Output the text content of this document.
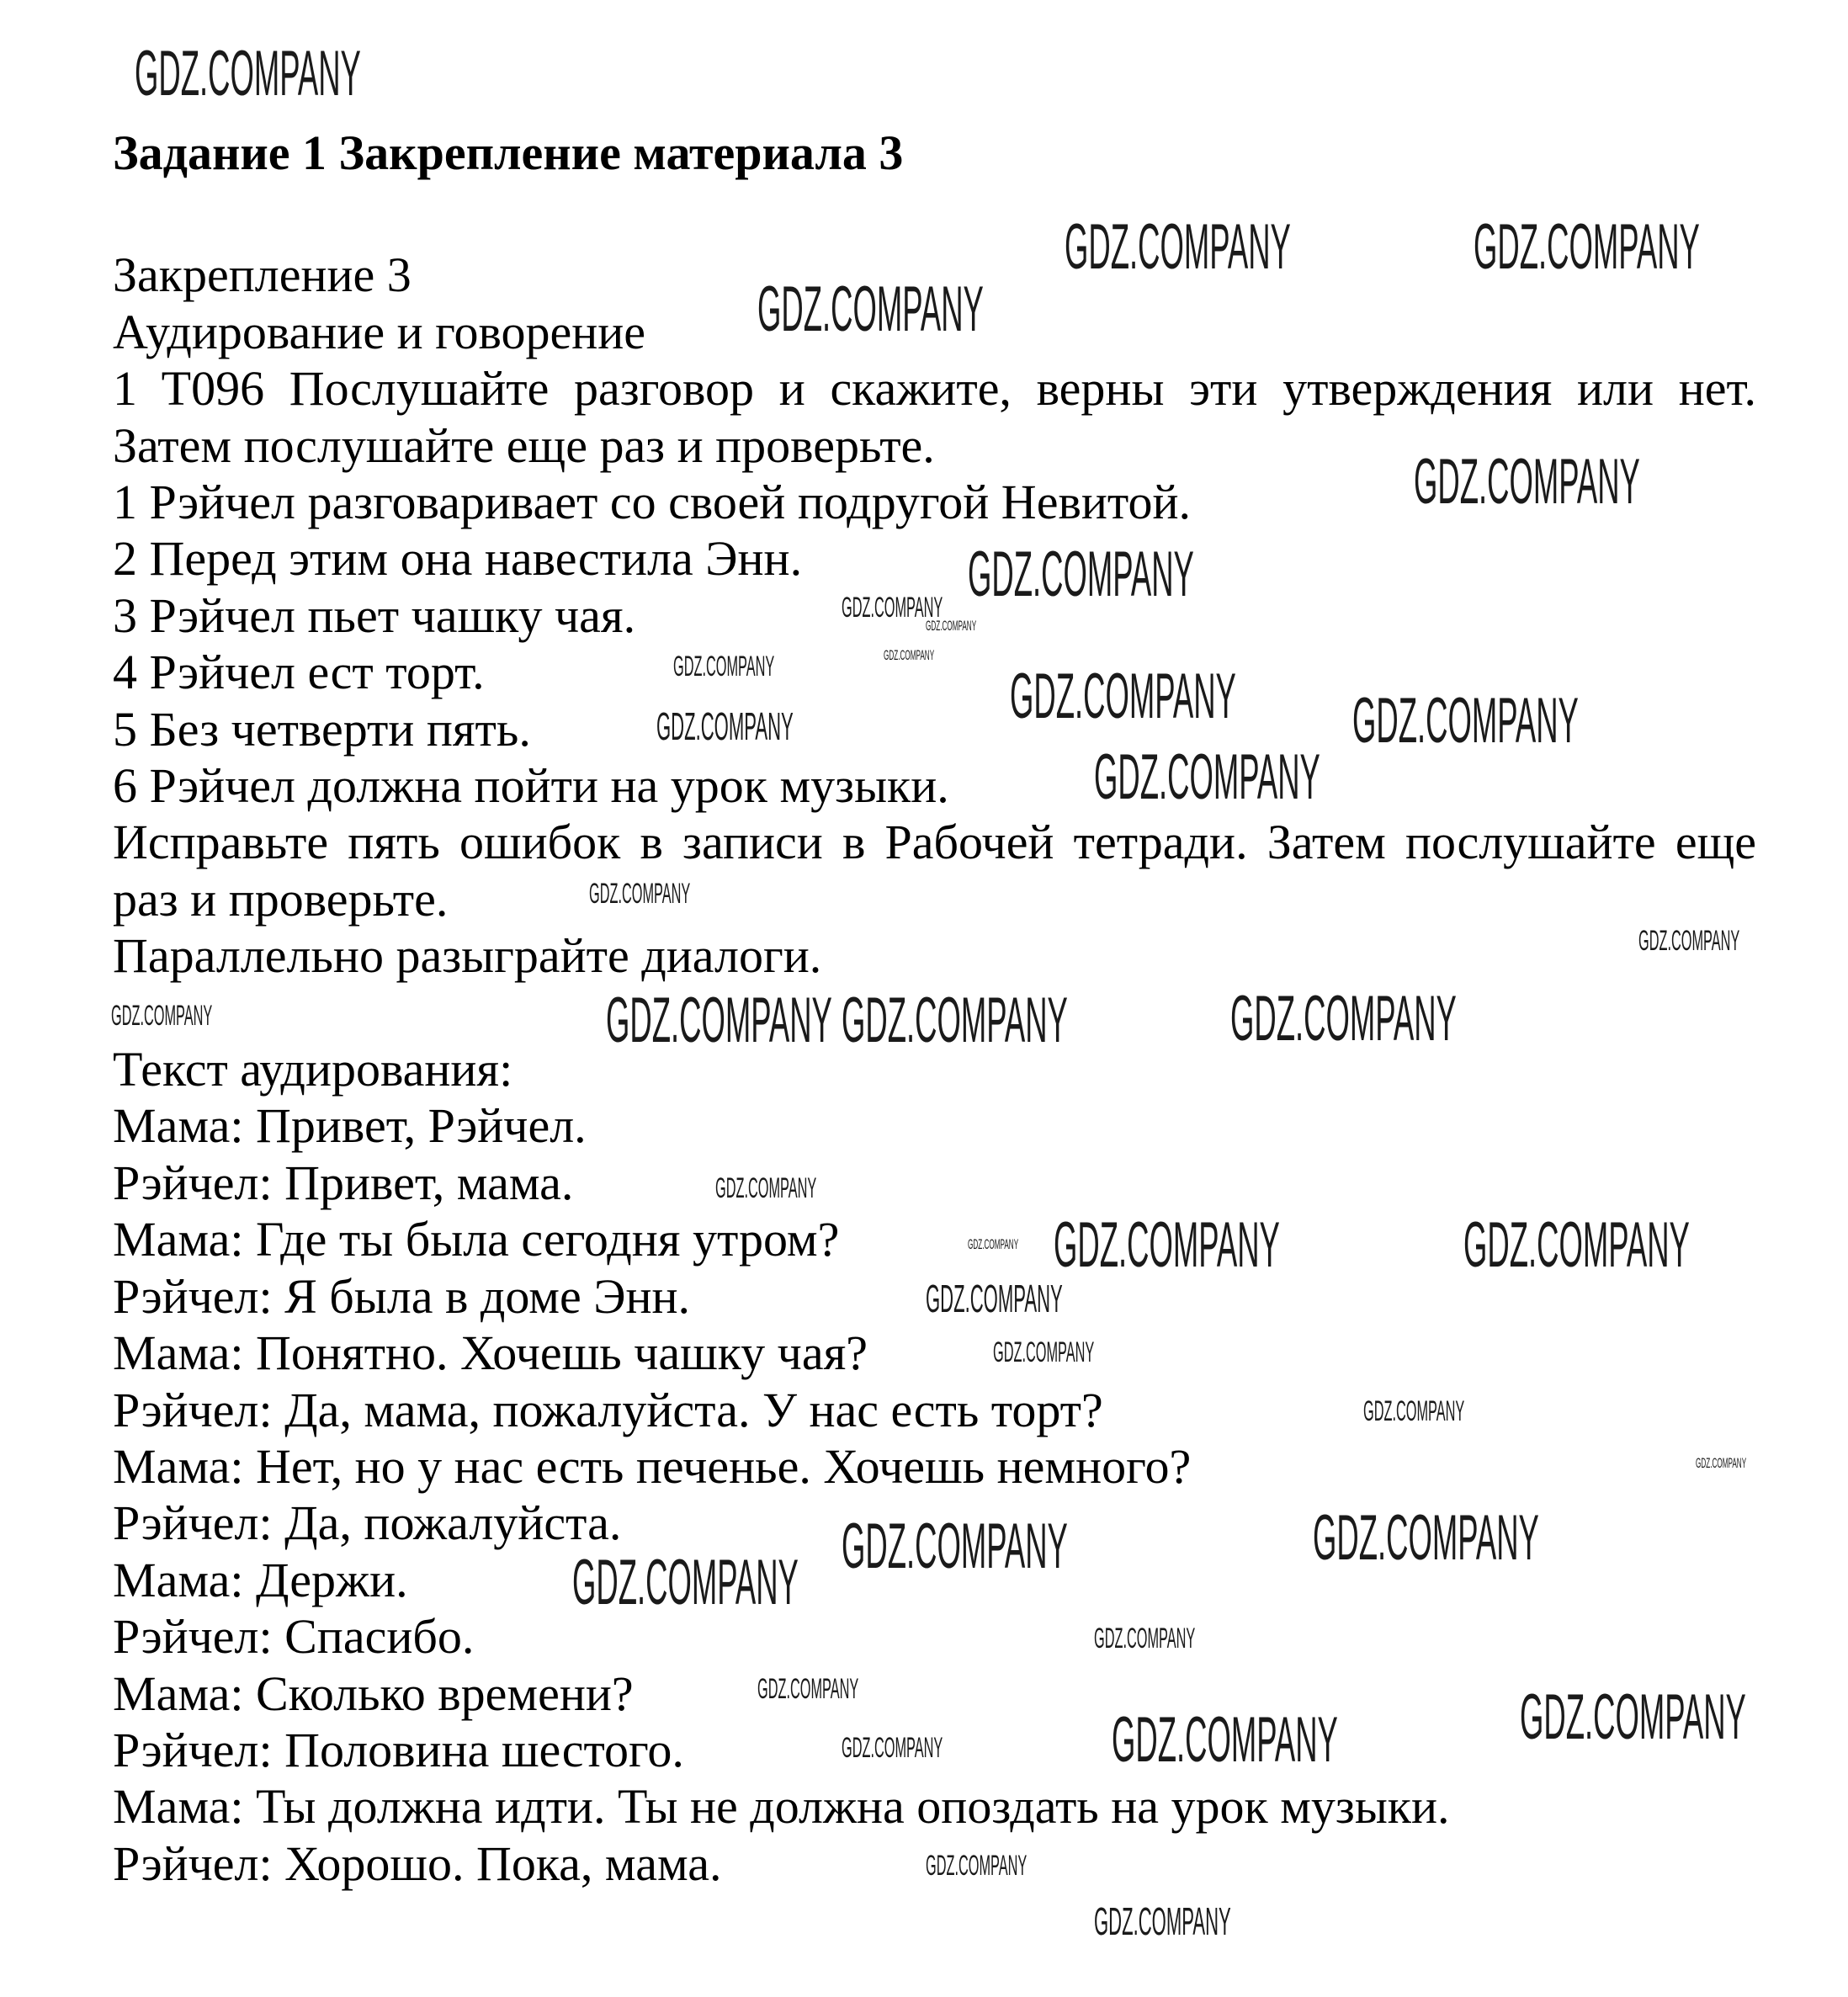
Задание 1 Закрепление материала 3
Закрепление 3
Аудирование и говорение
1 T096 Послушайте разговор и скажите, верны эти утверждения или нет.
Затем послушайте еще раз и проверьте.
1 Рэйчел разговаривает со своей подругой Невитой.
2 Перед этим она навестила Энн.
3 Рэйчел пьет чашку чая.
4 Рэйчел ест торт.
5 Без четверти пять.
6 Рэйчел должна пойти на урок музыки.
Исправьте пять ошибок в записи в Рабочей тетради. Затем послушайте еще
раз и проверьте.
Параллельно разыграйте диалоги.
Текст аудирования:
Мама: Привет, Рэйчел.
Рэйчел: Привет, мама.
Мама: Где ты была сегодня утром?
Рэйчел: Я была в доме Энн.
Мама: Понятно. Хочешь чашку чая?
Рэйчел: Да, мама, пожалуйста. У нас есть торт?
Мама: Нет, но у нас есть печенье. Хочешь немного?
Рэйчел: Да, пожалуйста.
Мама: Держи.
Рэйчел: Спасибо.
Мама: Сколько времени?
Рэйчел: Половина шестого.
Мама: Ты должна идти. Ты не должна опоздать на урок музыки.
Рэйчел: Хорошо. Пока, мама.
GDZ.COMPANY
GDZ.COMPANY	GDZ.COMPANY
GDZ.COMPANY
GDZ.COMPANY
GDZ.COMPANY
GDZ.COMPANY
GDZ.COMPANY
GDZ.COMPANY
GDZ.COMPANY	GDZ.COMPANY
GDZ.COMPANY
GDZ.COMPANY	GDZ.COMPANY
GDZ.COMPANY
GDZ.COMPANY
GDZ.COMPANY
GDZ.COMPANY
GDZ.COMPANY
GDZ.COMPANY
GDZ.COMPANY
GDZ.COMPANY
GDZ.COMPANY
GDZ.COMPANY
GDZ.COMPANY
GDZ.COMPANY
GDZ.COMPANY
GDZ.COMPANY
GDZ.COMPANY
GDZ.COMPANY
GDZ.COMPANY
GDZ.COMPANY
GDZ.COMPANY
GDZ.COMPANY
GDZ.COMPANY
GDZ.COMPANY
GDZ.COMPANY
GDZ.COMPANY
